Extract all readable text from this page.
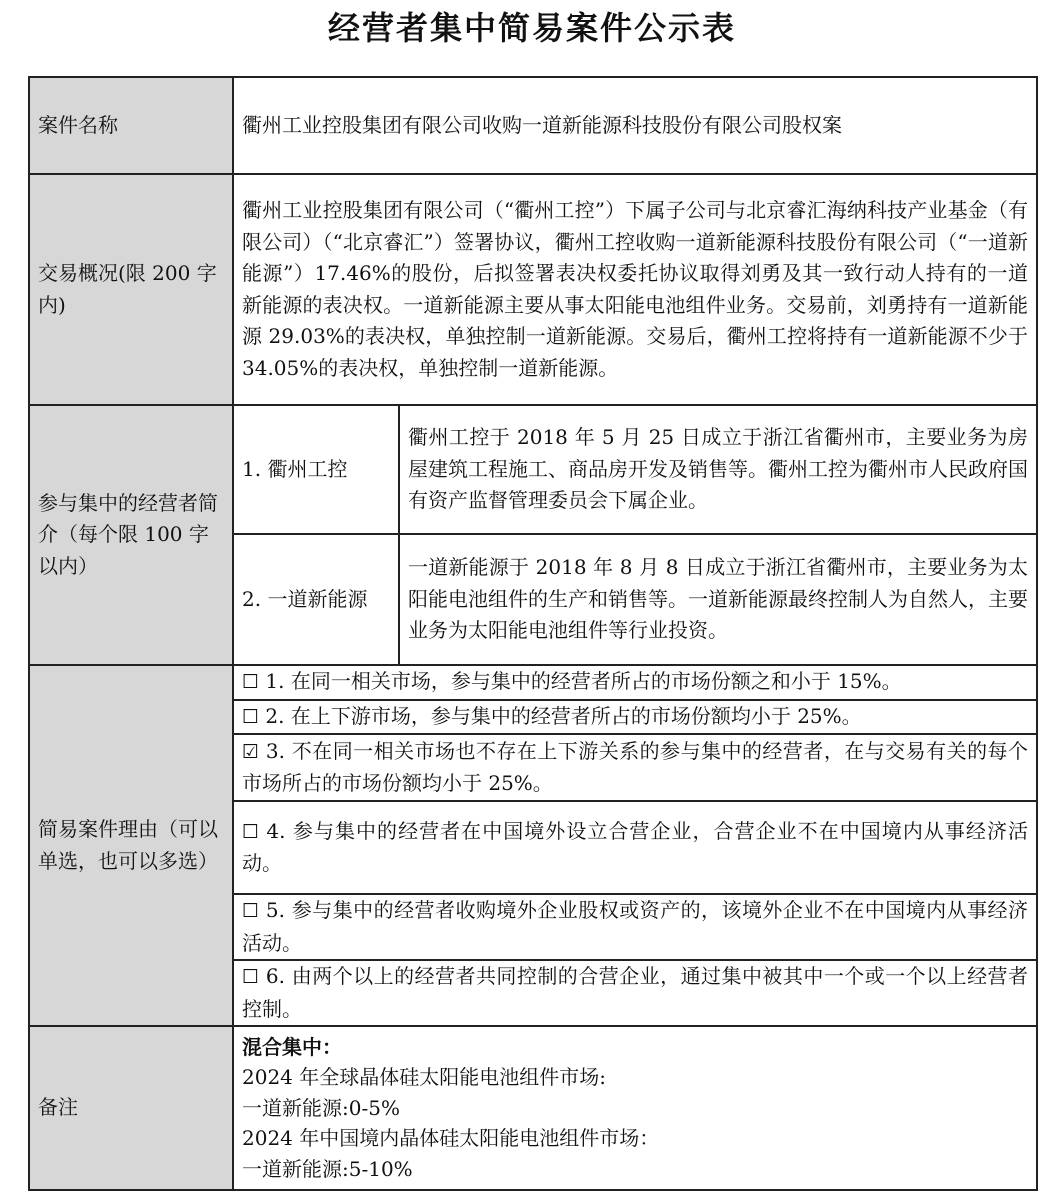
经营者集中简易案件公示表
案件名称	衢州工业控股集团有限公司收购一道新能源科技股份有限公司股权案	
交易概况(限 200 字内)	衢州工业控股集团有限公司（“衢州工控”）下属子公司与北京睿汇海纳科技产业基金（有限公司）（“北京睿汇”）签署协议，衢州工控收购一道新能源科技股份有限公司（“一道新能源”）17.46%的股份，后拟签署表决权委托协议取得刘勇及其一致行动人持有的一道新能源的表决权。一道新能源主要从事太阳能电池组件业务。交易前，刘勇持有一道新能源 29.03%的表决权，单独控制一道新能源。交易后，衢州工控将持有一道新能源不少于 34.05%的表决权，单独控制一道新能源。	
参与集中的经营者简介（每个限 100 字以内）	1. 衢州工控	衢州工控于 2018 年 5 月 25 日成立于浙江省衢州市，主要业务为房屋建筑工程施工、商品房开发及销售等。衢州工控为衢州市人民政府国有资产监督管理委员会下属企业。
	2. 一道新能源	一道新能源于 2018 年 8 月 8 日成立于浙江省衢州市，主要业务为太阳能电池组件的生产和销售等。一道新能源最终控制人为自然人，主要业务为太阳能电池组件等行业投资。
简易案件理由（可以单选，也可以多选）	☐ 1. 在同一相关市场，参与集中的经营者所占的市场份额之和小于 15%。	
	☐ 2. 在上下游市场，参与集中的经营者所占的市场份额均小于 25%。	
	☑ 3. 不在同一相关市场也不存在上下游关系的参与集中的经营者，在与交易有关的每个市场所占的市场份额均小于 25%。	
	☐ 4. 参与集中的经营者在中国境外设立合营企业，合营企业不在中国境内从事经济活动。	
	☐ 5. 参与集中的经营者收购境外企业股权或资产的，该境外企业不在中国境内从事经济活动。	
	☐ 6. 由两个以上的经营者共同控制的合营企业，通过集中被其中一个或一个以上经营者控制。	
备注	混合集中：
2024 年全球晶体硅太阳能电池组件市场:
一道新能源:0-5%
2024 年中国境内晶体硅太阳能电池组件市场：
一道新能源:5-10%	
